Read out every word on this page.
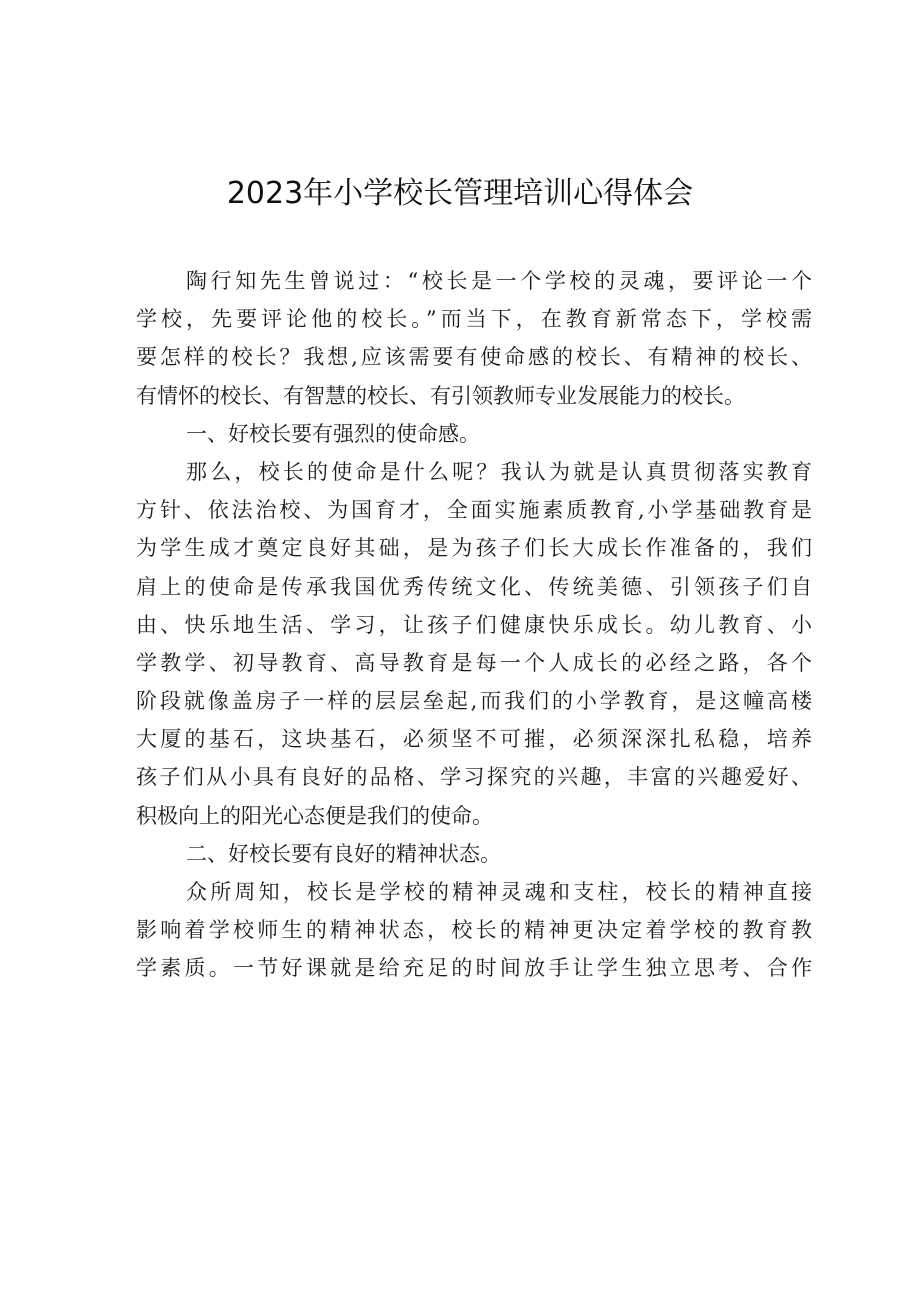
2023年小学校长管理培训心得体会
陶行知先生曾说过：“校长是一个学校的灵魂，要评论一个
学校，先要评论他的校长。”而当下，在教育新常态下，学校需
要怎样的校长？我想,应该需要有使命感的校长、有精神的校长、
有情怀的校长、有智慧的校长、有引领教师专业发展能力的校长。
一、好校长要有强烈的使命感。
那么，校长的使命是什么呢？我认为就是认真贯彻落实教育
方针、依法治校、为国育才，全面实施素质教育,小学基础教育是
为学生成才奠定良好其础，是为孩子们长大成长作准备的，我们
肩上的使命是传承我国优秀传统文化、传统美德、引领孩子们自
由、快乐地生活、学习，让孩子们健康快乐成长。幼儿教育、小
学教学、初导教育、高导教育是每一个人成长的必经之路，各个
阶段就像盖房子一样的层层垒起,而我们的小学教育，是这幢高楼
大厦的基石，这块基石，必须坚不可摧，必须深深扎私稳，培养
孩子们从小具有良好的品格、学习探究的兴趣，丰富的兴趣爱好、
积极向上的阳光心态便是我们的使命。
二、好校长要有良好的精神状态。
众所周知，校长是学校的精神灵魂和支柱，校长的精神直接
影响着学校师生的精神状态，校长的精神更决定着学校的教育教
学素质。一节好课就是给充足的时间放手让学生独立思考、合作
